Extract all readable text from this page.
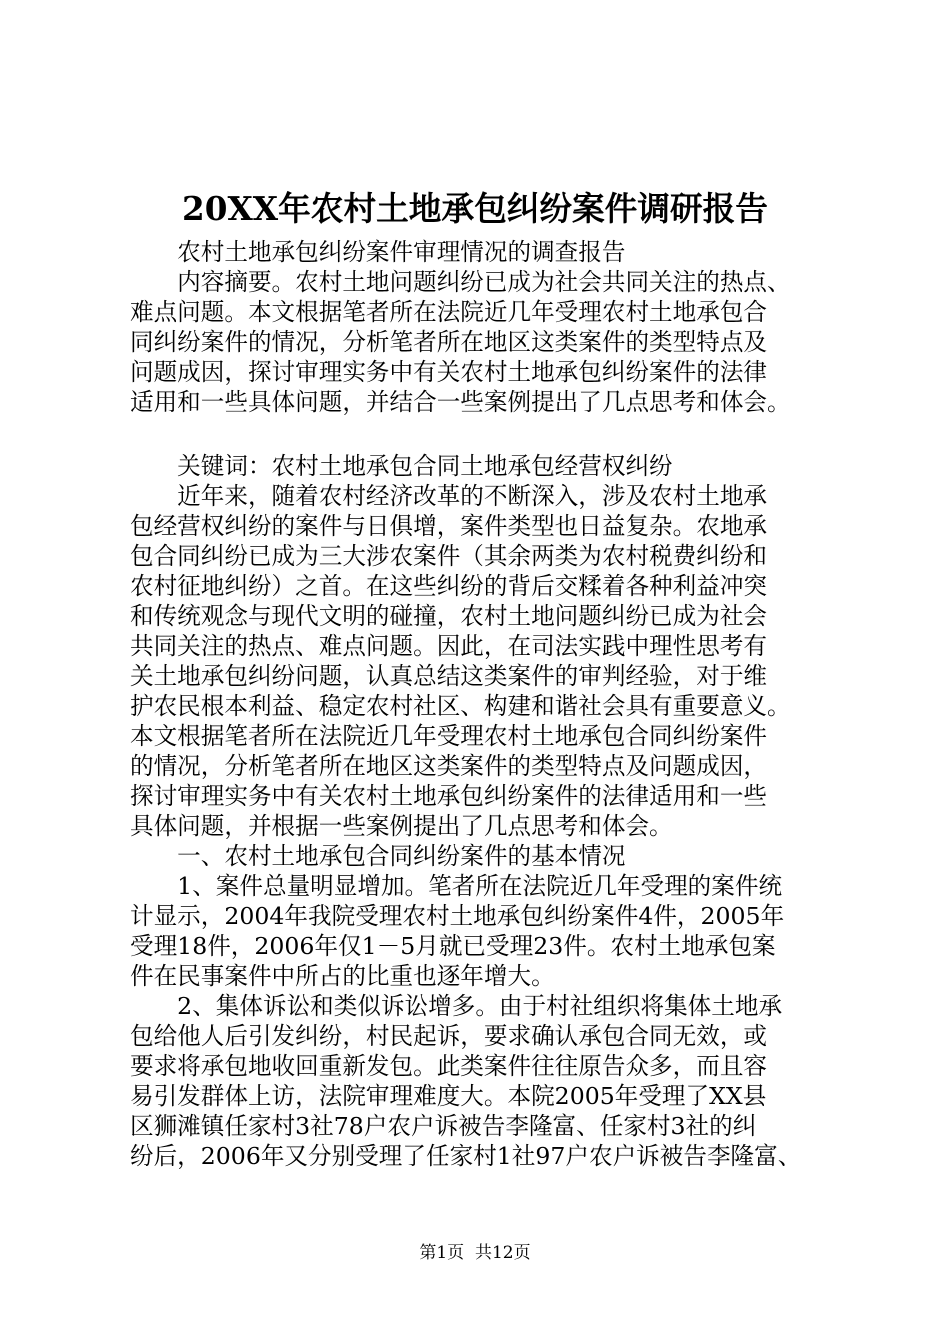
20XX年农村土地承包纠纷案件调研报告
　　农村土地承包纠纷案件审理情况的调查报告
　　内容摘要。农村土地问题纠纷已成为社会共同关注的热点、
难点问题。本文根据笔者所在法院近几年受理农村土地承包合
同纠纷案件的情况，分析笔者所在地区这类案件的类型特点及
问题成因，探讨审理实务中有关农村土地承包纠纷案件的法律
适用和一些具体问题，并结合一些案例提出了几点思考和体会。
　　关键词：农村土地承包合同土地承包经营权纠纷
　　近年来，随着农村经济改革的不断深入，涉及农村土地承
包经营权纠纷的案件与日俱增，案件类型也日益复杂。农地承
包合同纠纷已成为三大涉农案件（其余两类为农村税费纠纷和
农村征地纠纷）之首。在这些纠纷的背后交糅着各种利益冲突
和传统观念与现代文明的碰撞，农村土地问题纠纷已成为社会
共同关注的热点、难点问题。因此，在司法实践中理性思考有
关土地承包纠纷问题，认真总结这类案件的审判经验，对于维
护农民根本利益、稳定农村社区、构建和谐社会具有重要意义。
本文根据笔者所在法院近几年受理农村土地承包合同纠纷案件
的情况，分析笔者所在地区这类案件的类型特点及问题成因，
探讨审理实务中有关农村土地承包纠纷案件的法律适用和一些
具体问题，并根据一些案例提出了几点思考和体会。
　　一、农村土地承包合同纠纷案件的基本情况
　　1、案件总量明显增加。笔者所在法院近几年受理的案件统
计显示，2004年我院受理农村土地承包纠纷案件4件，2005年
受理18件，2006年仅1－5月就已受理23件。农村土地承包案
件在民事案件中所占的比重也逐年增大。
　　2、集体诉讼和类似诉讼增多。由于村社组织将集体土地承
包给他人后引发纠纷，村民起诉，要求确认承包合同无效，或
要求将承包地收回重新发包。此类案件往往原告众多，而且容
易引发群体上访，法院审理难度大。本院2005年受理了XX县
区狮滩镇任家村3社78户农户诉被告李隆富、任家村3社的纠
纷后，2006年又分别受理了任家村1社97户农户诉被告李隆富、
第1页  共12页
